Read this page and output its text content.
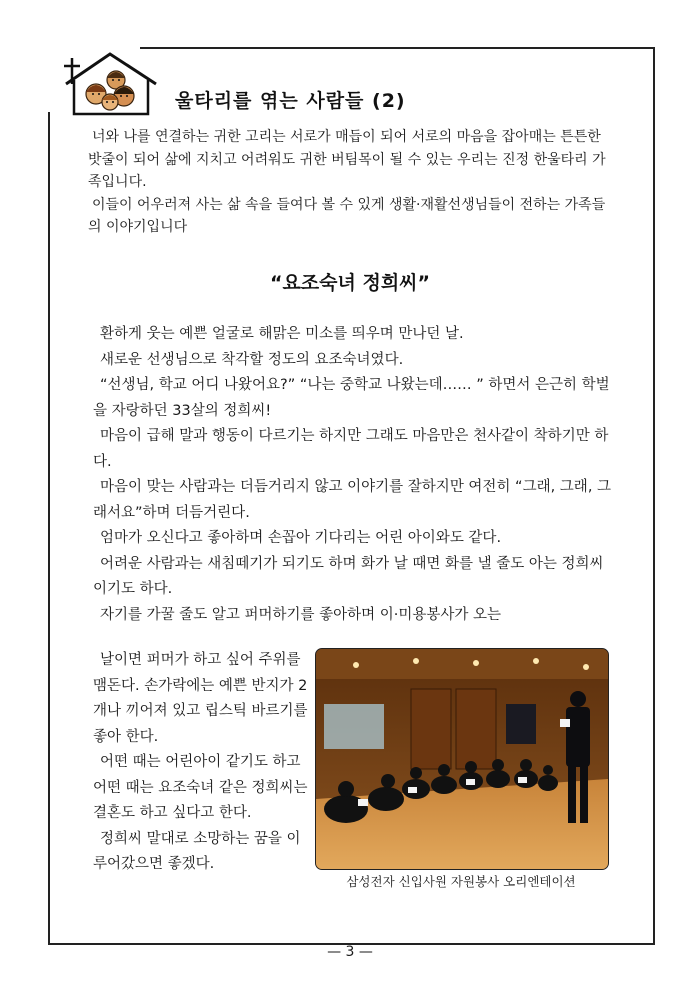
울타리를 엮는 사람들 (2)

너와 나를 연결하는 귀한 고리는 서로가 매듭이 되어 서로의 마음을 잡아매는 튼튼한 밧줄이 되어 삶에 지치고 어려워도 귀한 버팀목이 될 수 있는 우리는 진정 한울타리 가족입니다.

이들이 어우러져 사는 삶 속을 들여다 볼 수 있게 생활·재활선생님들이 전하는 가족들의 이야기입니다

“요조숙녀 정희씨”

환하게 웃는 예쁜 얼굴로 해맑은 미소를 띄우며 만나던 날.

새로운 선생님으로 착각할 정도의 요조숙녀였다.

“선생님, 학교 어디 나왔어요?” “나는 중학교 나왔는데…… ” 하면서 은근히 학벌을 자랑하던 33살의 정희씨!

마음이 급해 말과 행동이 다르기는 하지만 그래도 마음만은 천사같이 착하기만 하다.

마음이 맞는 사람과는 더듬거리지 않고 이야기를 잘하지만 여전히 “그래, 그래, 그래서요”하며 더듬거린다.

엄마가 오신다고 좋아하며 손꼽아 기다리는 어린 아이와도 같다.

어려운 사람과는 새침떼기가 되기도 하며 화가 날 때면 화를 낼 줄도 아는 정희씨이기도 하다.

자기를 가꿀 줄도 알고 퍼머하기를 좋아하며 이·미용봉사가 오는

날이면 퍼머가 하고 싶어 주위를 맴돈다. 손가락에는 예쁜 반지가 2개나 끼어져 있고 립스틱 바르기를 좋아 한다.

어떤 때는 어린아이 같기도 하고 어떤 때는 요조숙녀 같은 정희씨는 결혼도 하고 싶다고 한다.

정희씨 말대로 소망하는 꿈을 이루어갔으면 좋겠다.

삼성전자 신입사원 자원봉사 오리엔테이션
— 3 —
